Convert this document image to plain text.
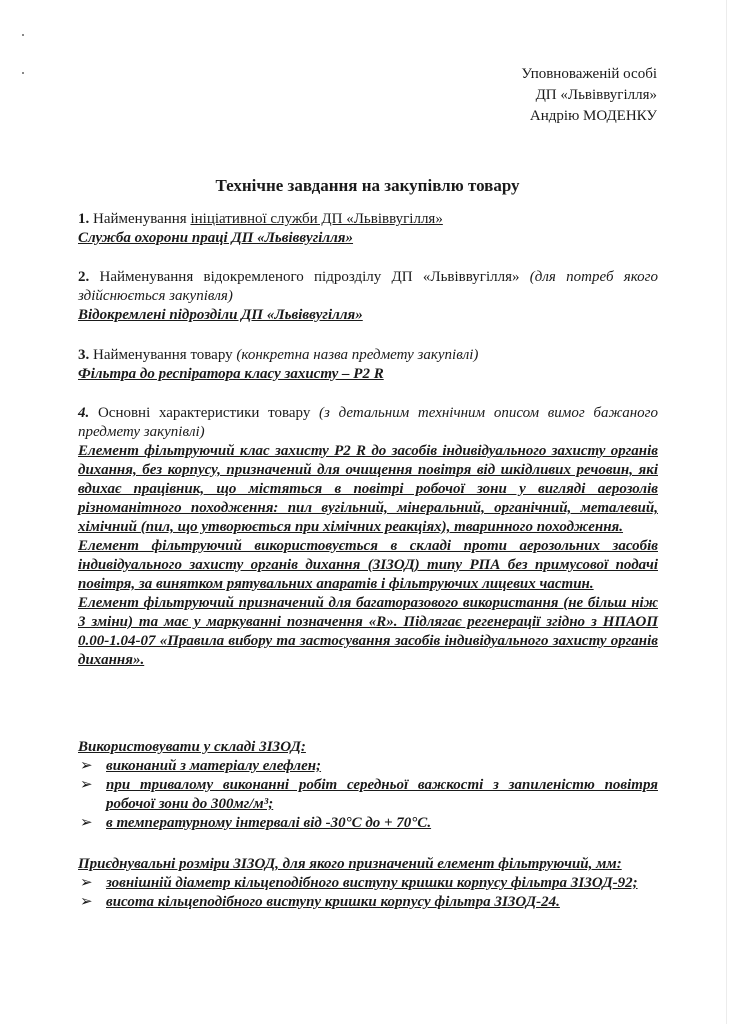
Уповноваженій особі
ДП «Львіввугілля»
Андрію МОДЕНКУ
Технічне завдання на закупівлю товару
1. Найменування ініціативної служби ДП «Львіввугілля»
Служба охорони праці ДП «Львіввугілля»
2. Найменування відокремленого підрозділу ДП «Львіввугілля» (для потреб якого здійснюється закупівля)
Відокремлені підрозділи ДП «Львіввугілля»
3. Найменування товару (конкретна назва предмету закупівлі)
Фільтра до респіратора класу захисту – Р2 R
4. Основні характеристики товару (з детальним технічним описом вимог бажаного предмету закупівлі)
Елемент фільтруючий клас захисту Р2 R до засобів індивідуального захисту органів дихання, без корпусу, призначений для очищення повітря від шкідливих речовин, які вдихає працівник, що містяться в повітрі робочої зони у вигляді аерозолів різноманітного походження: пил вугільний, мінеральний, органічний, металевий, хімічний (пил, що утворюється при хімічних реакціях), тваринного походження.
Елемент фільтруючий використовується в складі проти аерозольних засобів індивідуального захисту органів дихання (ЗІЗОД) типу РПА без примусової подачі повітря, за винятком рятувальних апаратів і фільтруючих лицевих частин.
Елемент фільтруючий призначений для багаторазового використання (не більш ніж 3 зміни) та має у маркуванні позначення «R». Підлягає регенерації згідно з НПАОП 0.00-1.04-07 «Правила вибору та застосування засобів індивідуального захисту органів дихання».
Використовувати у складі ЗІЗОД:
➢ виконаний з матеріалу елефлен;
➢ при тривалому виконанні робіт середньої важкості з запиленістю повітря робочої зони до 300мг/м³;
➢ в температурному інтервалі від -30°С до + 70°С.
Приєднувальні розміри ЗІЗОД, для якого призначений елемент фільтруючий, мм:
➢ зовнішній діаметр кільцеподібного виступу кришки корпусу фільтра ЗІЗОД-92;
➢ висота кільцеподібного виступу кришки корпусу фільтра ЗІЗОД-24.
